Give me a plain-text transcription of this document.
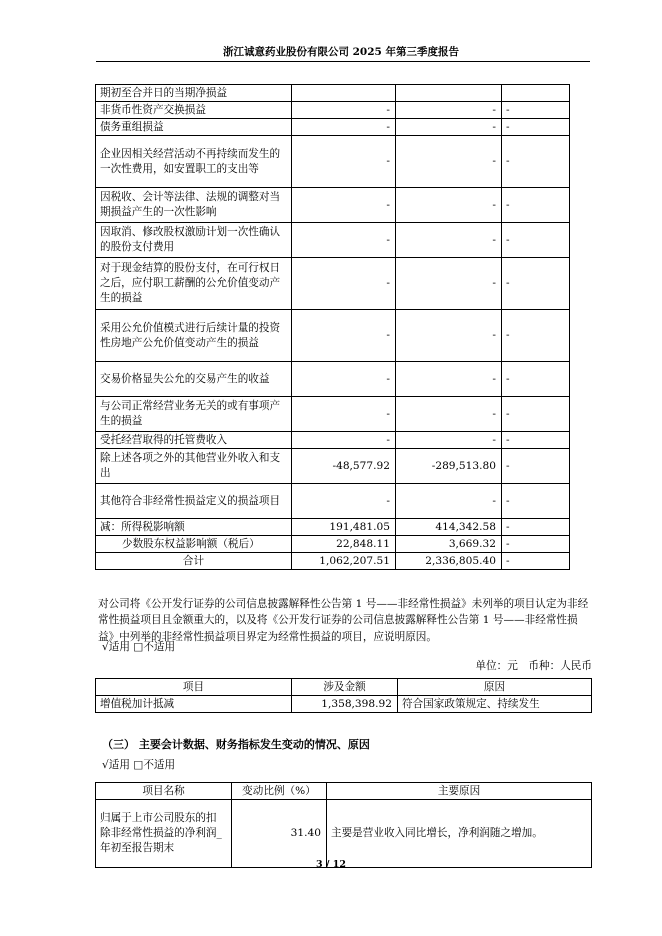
浙江诚意药业股份有限公司 2025 年第三季度报告
期初至合并日的当期净损益			
非货币性资产交换损益	-	-	-
债务重组损益	-	-	-
企业因相关经营活动不再持续而发生的一次性费用，如安置职工的支出等	-	-	-
因税收、会计等法律、法规的调整对当期损益产生的一次性影响	-	-	-
因取消、修改股权激励计划一次性确认的股份支付费用	-	-	-
对于现金结算的股份支付，在可行权日之后，应付职工薪酬的公允价值变动产生的损益	-	-	-
采用公允价值模式进行后续计量的投资性房地产公允价值变动产生的损益	-	-	-
交易价格显失公允的交易产生的收益	-	-	-
与公司正常经营业务无关的或有事项产生的损益	-	-	-
受托经营取得的托管费收入	-	-	-
除上述各项之外的其他营业外收入和支出	-48,577.92	-289,513.80	-
其他符合非经常性损益定义的损益项目	-	-	-
减：所得税影响额	191,481.05	414,342.58	-
少数股东权益影响额（税后）	22,848.11	3,669.32	-
合计	1,062,207.51	2,336,805.40	-
对公司将《公开发行证券的公司信息披露解释性公告第 1 号——非经常性损益》未列举的项目认定为非经常性损益项目且金额重大的，以及将《公开发行证券的公司信息披露解释性公告第 1 号——非经常性损益》中列举的非经常性损益项目界定为经常性损益的项目，应说明原因。
√适用 □不适用
单位：元　币种：人民币
项目	涉及金额	原因
增值税加计抵减	1,358,398.92	符合国家政策规定、持续发生
（三） 主要会计数据、财务指标发生变动的情况、原因
√适用 □不适用
项目名称	变动比例（%）	主要原因
归属于上市公司股东的扣除非经常性损益的净利润_年初至报告期末	31.40	主要是营业收入同比增长，净利润随之增加。
3 / 12
